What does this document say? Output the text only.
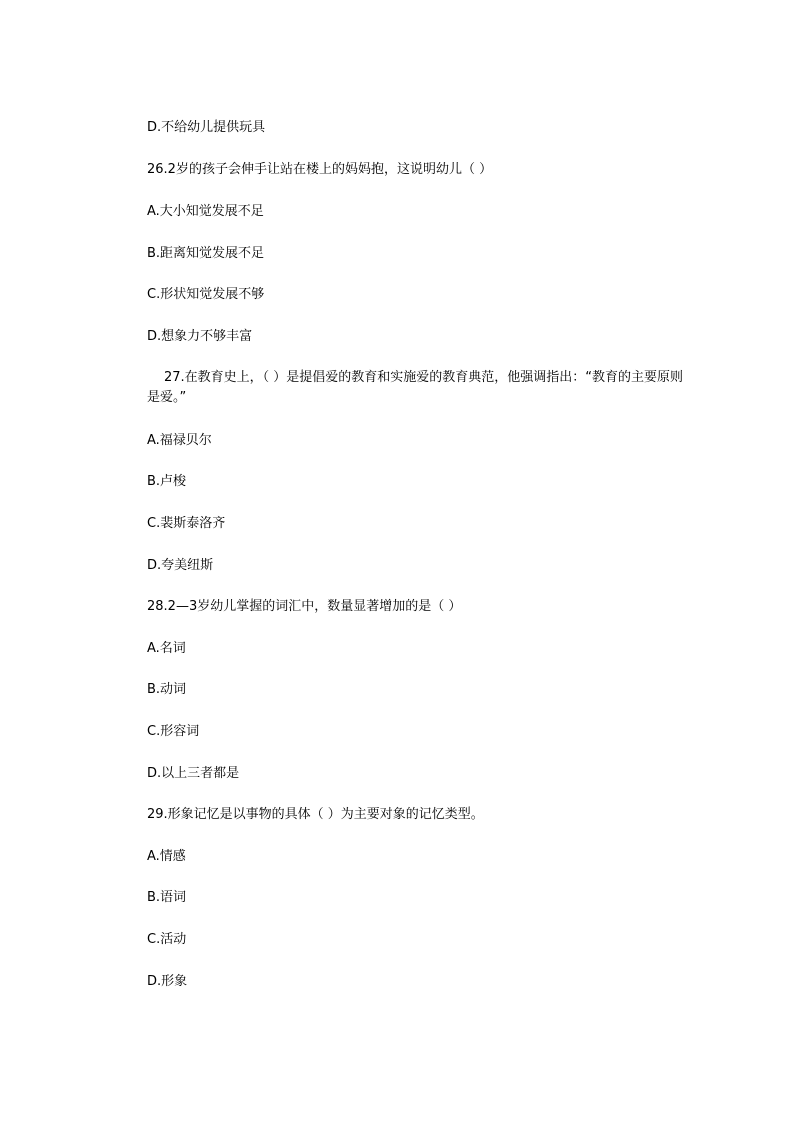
D.不给幼儿提供玩具
26.2岁的孩子会伸手让站在楼上的妈妈抱，这说明幼儿（ ）
A.大小知觉发展不足
B.距离知觉发展不足
C.形状知觉发展不够
D.想象力不够丰富
27.在教育史上，（ ）是提倡爱的教育和实施爱的教育典范，他强调指出：“教育的主要原则是爱。”
A.福禄贝尔
B.卢梭
C.裴斯泰洛齐
D.夸美纽斯
28.2—3岁幼儿掌握的词汇中，数量显著增加的是（ ）
A.名词
B.动词
C.形容词
D.以上三者都是
29.形象记忆是以事物的具体（ ）为主要对象的记忆类型。
A.情感
B.语词
C.活动
D.形象
